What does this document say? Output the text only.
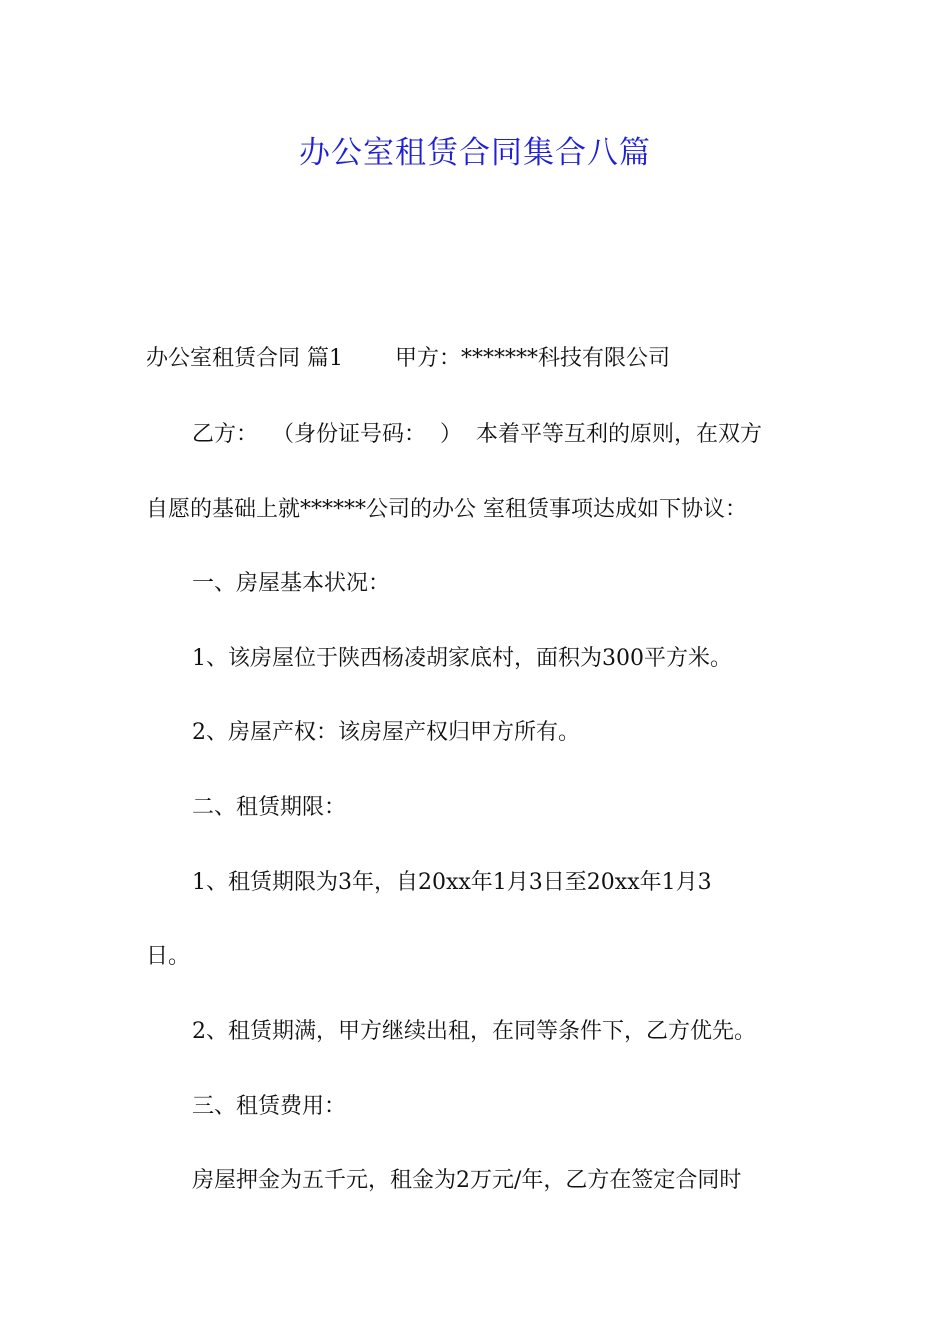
办公室租赁合同集合八篇

办公室租赁合同 篇1 甲方：*******科技有限公司

乙方：  （身份证号码：  ）  本着平等互利的原则，在双方

自愿的基础上就******公司的办公 室租赁事项达成如下协议：

一、房屋基本状况：

1、该房屋位于陕西杨凌胡家底村，面积为300平方米。

2、房屋产权：该房屋产权归甲方所有。

二、租赁期限：

1、租赁期限为3年，自20xx年1月3日至20xx年1月3

日。

2、租赁期满，甲方继续出租，在同等条件下，乙方优先。

三、租赁费用：

房屋押金为五千元，租金为2万元/年，乙方在签定合同时
